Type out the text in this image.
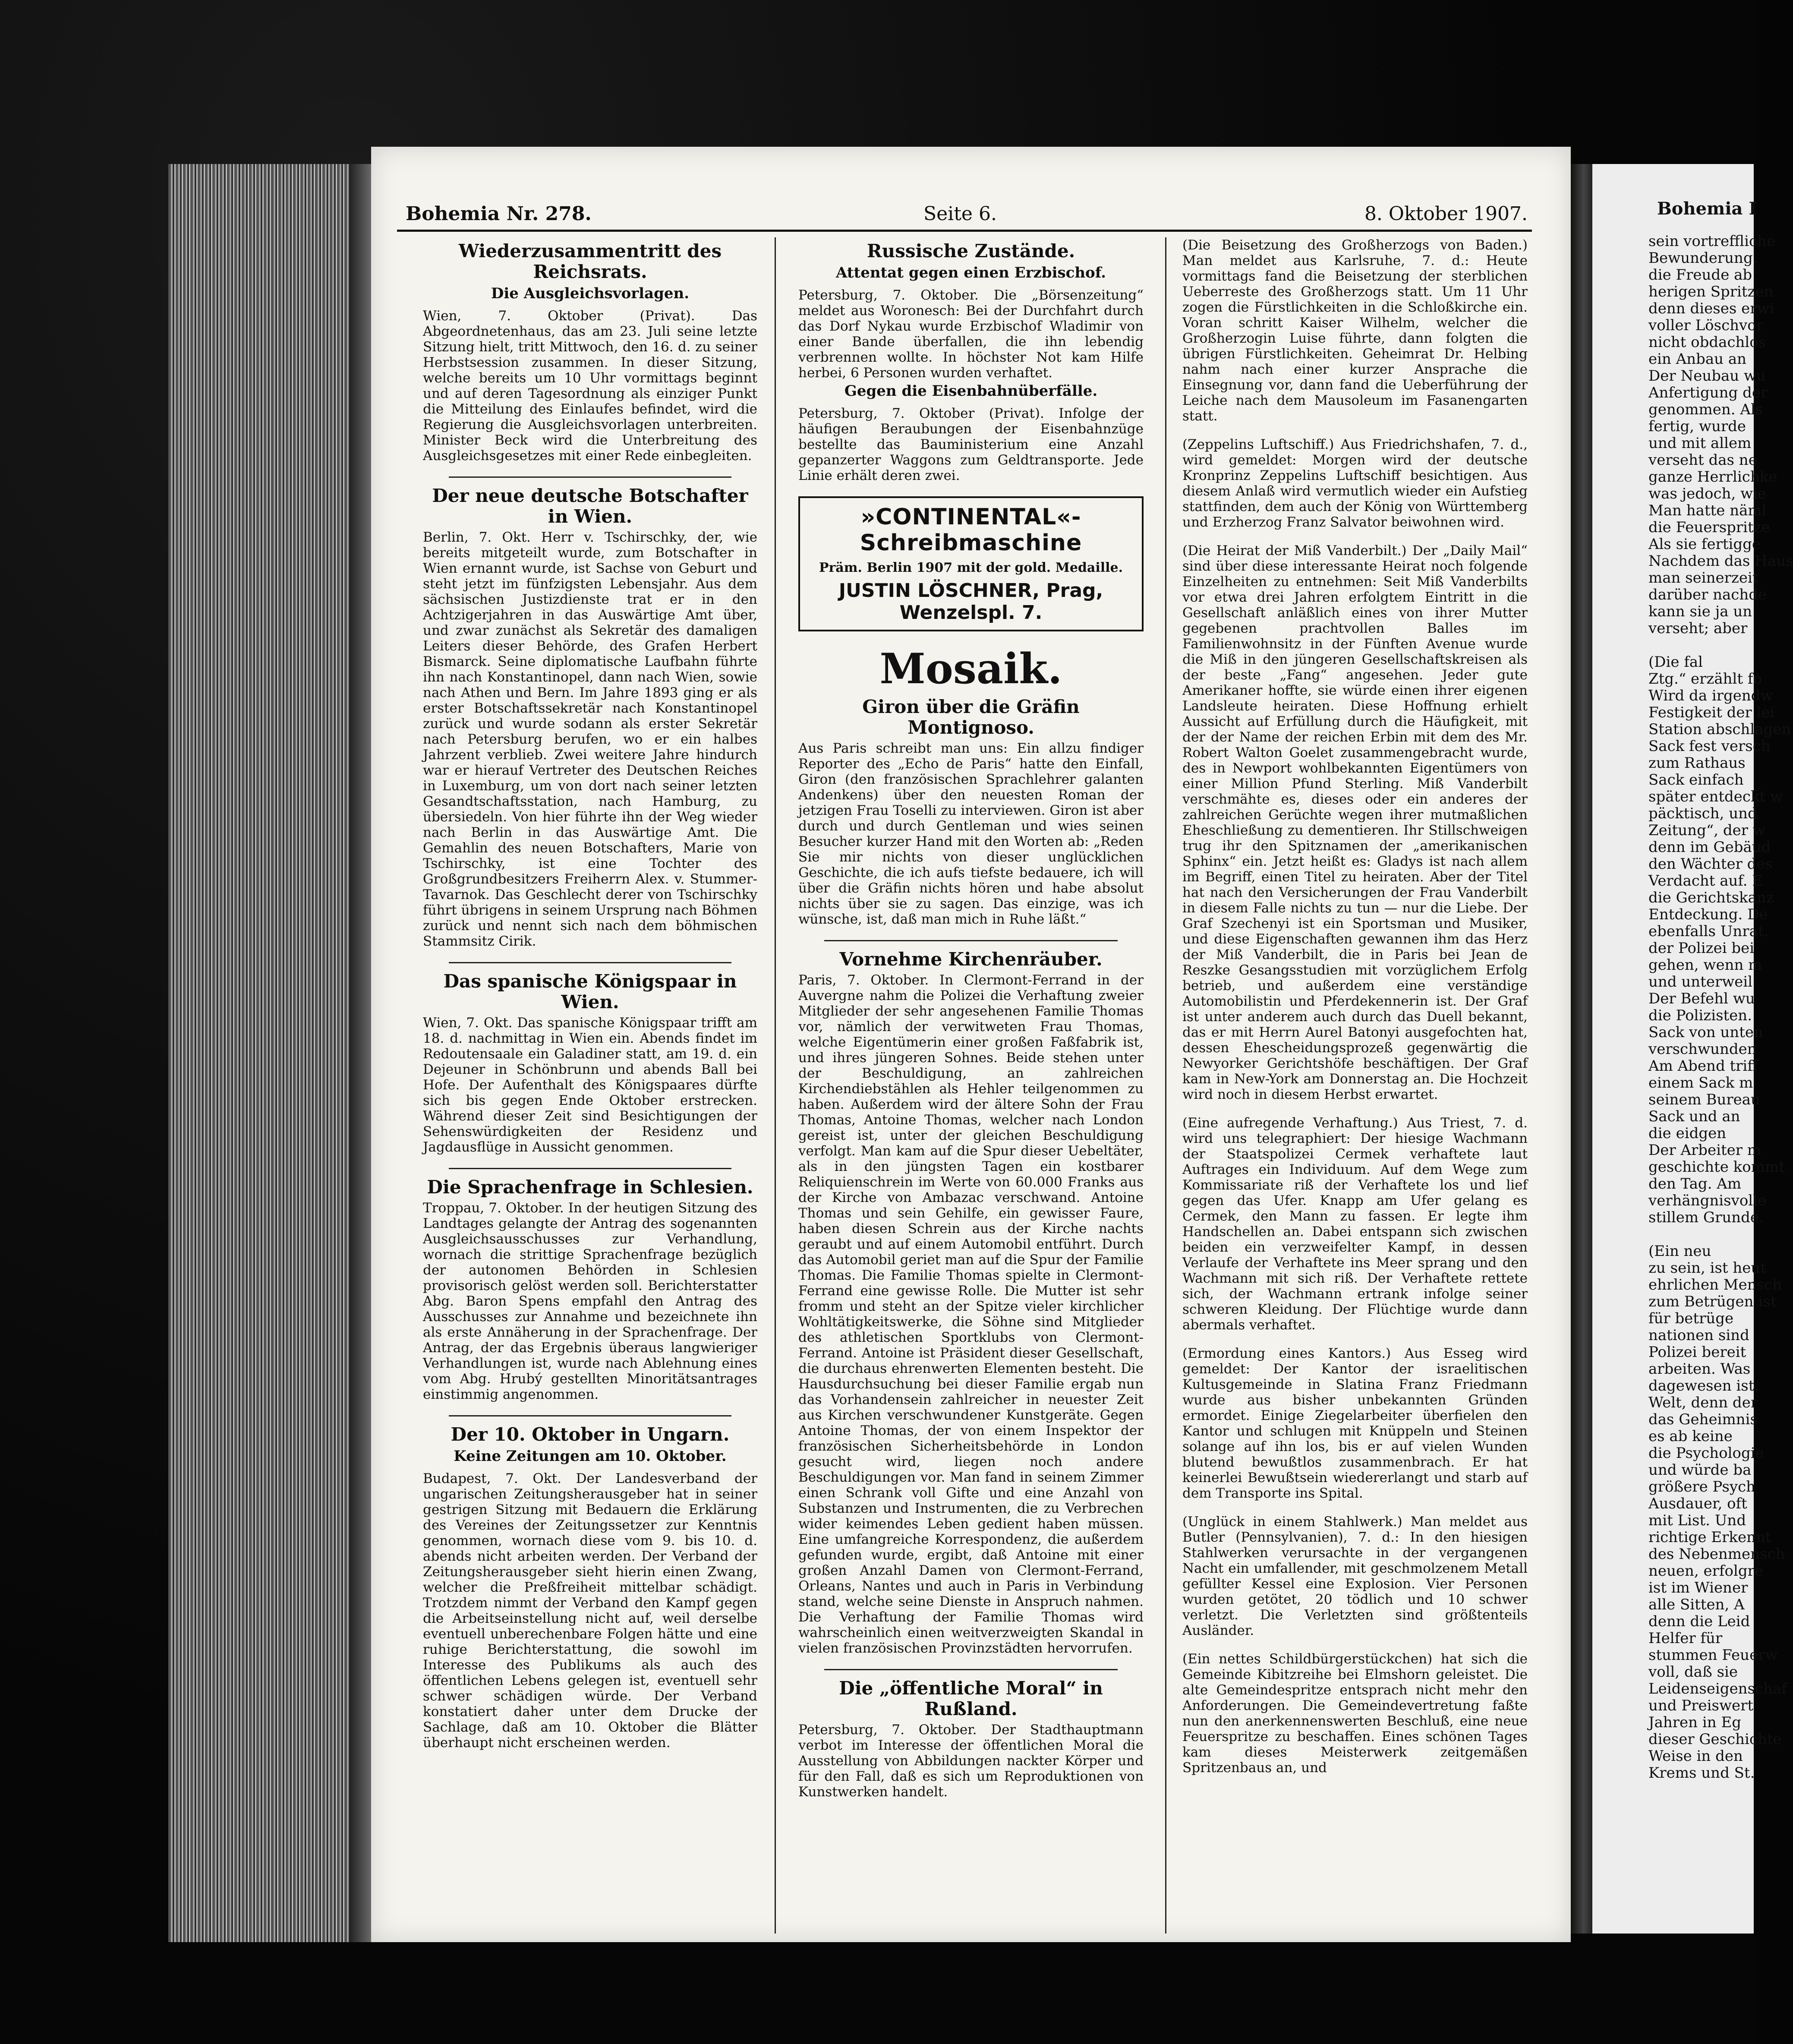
Bohemia I
sein vortreffliche
Bewunderung.
die Freude ab
herigen Spritzen
denn dieses erwi
voller Löschvor
nicht obdachlos
ein Anbau an
Der Neubau wu
Anfertigung der
genommen. Als
fertig, wurde
und mit allem
verseht das ne
ganze Herrlichke
was jedoch, wie
Man hatte näml
die Feuerspritze
Als sie fertigge
Nachdem das Haus
man seinerzeit
darüber nachde
kann sie ja un
verseht; aber
(Die fal
Ztg.“ erzählt fo
Wird da irgendw
Festigkeit der lei
Station abschlagen
Sack fest versch
zum Rathaus
Sack einfach
später entdeckt w
päcktisch, und
Zeitung“, der w
denn im Gebäud
den Wächter des
Verdacht auf. E
die Gerichtskanz
Entdeckung. De
ebenfalls Unrat.
der Polizei bei
gehen, wenn m
und unterweil
Der Befehl wu
die Polizisten.
Sack von unten
verschwunden
Am Abend triff
einem Sack m
seinem Bureau
Sack und an
die eidgen
Der Arbeiter m
geschichte kommt
den Tag. Am
verhängnisvolle
stillem Grunde.
(Ein neu
zu sein, ist heut
ehrlichen Mensch
zum Betrügen ist
für betrüge
nationen sind
Polizei bereit
arbeiten. Was
dagewesen ist.
Welt, denn der
das Geheimnis
es ab keine
die Psychologie
und würde ba
größere Psych
Ausdauer, oft
mit List. Und
richtige Erkennt
des Nebenmensch
neuen, erfolgre
ist im Wiener
alle Sitten, A
denn die Leid
Helfer für
stummen Feuerw
voll, daß sie
Leidenseigenschaf
und Preiswert
Jahren in Eg
dieser Geschichte
Weise in den
Krems und St.
Bohemia Nr. 278.	Seite 6.	8. Oktober 1907.
Wiederzusammentritt des Reichsrats.
Die Ausgleichsvorlagen.

Wien, 7. Oktober (Privat). Das Abgeordnetenhaus, das am 23. Juli seine letzte Sitzung hielt, tritt Mittwoch, den 16. d. zu seiner Herbstsession zusammen. In dieser Sitzung, welche bereits um 10 Uhr vormittags beginnt und auf deren Tagesordnung als einziger Punkt die Mitteilung des Einlaufes befindet, wird die Regierung die Ausgleichsvorlagen unterbreiten. Minister Beck wird die Unterbreitung des Ausgleichsgesetzes mit einer Rede einbegleiten.

Der neue deutsche Botschafter in Wien.

Berlin, 7. Okt. Herr v. Tschirschky, der, wie bereits mitgeteilt wurde, zum Botschafter in Wien ernannt wurde, ist Sachse von Geburt und steht jetzt im fünfzigsten Lebensjahr. Aus dem sächsischen Justizdienste trat er in den Achtzigerjahren in das Auswärtige Amt über, und zwar zunächst als Sekretär des damaligen Leiters dieser Behörde, des Grafen Herbert Bismarck. Seine diplomatische Laufbahn führte ihn nach Konstantinopel, dann nach Wien, sowie nach Athen und Bern. Im Jahre 1893 ging er als erster Botschaftssekretär nach Konstantinopel zurück und wurde sodann als erster Sekretär nach Petersburg berufen, wo er ein halbes Jahrzent verblieb. Zwei weitere Jahre hindurch war er hierauf Vertreter des Deutschen Reiches in Luxemburg, um von dort nach seiner letzten Gesandtschaftsstation, nach Hamburg, zu übersiedeln. Von hier führte ihn der Weg wieder nach Berlin in das Auswärtige Amt. Die Gemahlin des neuen Botschafters, Marie von Tschirschky, ist eine Tochter des Großgrundbesitzers Freiherrn Alex. v. Stummer-Tavarnok. Das Geschlecht derer von Tschirschky führt übrigens in seinem Ursprung nach Böhmen zurück und nennt sich nach dem böhmischen Stammsitz Cirik.

Das spanische Königspaar in Wien.

Wien, 7. Okt. Das spanische Königspaar trifft am 18. d. nachmittag in Wien ein. Abends findet im Redoutensaale ein Galadiner statt, am 19. d. ein Dejeuner in Schönbrunn und abends Ball bei Hofe. Der Aufenthalt des Königspaares dürfte sich bis gegen Ende Oktober erstrecken. Während dieser Zeit sind Besichtigungen der Sehenswürdigkeiten der Residenz und Jagdausflüge in Aussicht genommen.

Die Sprachenfrage in Schlesien.

Troppau, 7. Oktober. In der heutigen Sitzung des Landtages gelangte der Antrag des sogenannten Ausgleichsausschusses zur Verhandlung, wornach die strittige Sprachenfrage bezüglich der autonomen Behörden in Schlesien provisorisch gelöst werden soll. Berichterstatter Abg. Baron Spens empfahl den Antrag des Ausschusses zur Annahme und bezeichnete ihn als erste Annäherung in der Sprachenfrage. Der Antrag, der das Ergebnis überaus langwieriger Verhandlungen ist, wurde nach Ablehnung eines vom Abg. Hrubý gestellten Minoritätsantrages einstimmig angenommen.

Der 10. Oktober in Ungarn.
Keine Zeitungen am 10. Oktober.

Budapest, 7. Okt. Der Landesverband der ungarischen Zeitungsherausgeber hat in seiner gestrigen Sitzung mit Bedauern die Erklärung des Vereines der Zeitungssetzer zur Kenntnis genommen, wornach diese vom 9. bis 10. d. abends nicht arbeiten werden. Der Verband der Zeitungsherausgeber sieht hierin einen Zwang, welcher die Preßfreiheit mittelbar schädigt. Trotzdem nimmt der Verband den Kampf gegen die Arbeitseinstellung nicht auf, weil derselbe eventuell unberechenbare Folgen hätte und eine ruhige Berichterstattung, die sowohl im Interesse des Publikums als auch des öffentlichen Lebens gelegen ist, eventuell sehr schwer schädigen würde. Der Verband konstatiert daher unter dem Drucke der Sachlage, daß am 10. Oktober die Blätter überhaupt nicht erscheinen werden.

Russische Zustände.
Attentat gegen einen Erzbischof.

Petersburg, 7. Oktober. Die „Börsenzeitung“ meldet aus Woronesch: Bei der Durchfahrt durch das Dorf Nykau wurde Erzbischof Wladimir von einer Bande überfallen, die ihn lebendig verbrennen wollte. In höchster Not kam Hilfe herbei, 6 Personen wurden verhaftet.

Gegen die Eisenbahnüberfälle.

Petersburg, 7. Oktober (Privat). Infolge der häufigen Beraubungen der Eisenbahnzüge bestellte das Bauministerium eine Anzahl gepanzerter Waggons zum Geldtransporte. Jede Linie erhält deren zwei.

»CONTINENTAL«-Schreibmaschine
Präm. Berlin 1907 mit der gold. Medaille.
JUSTIN LÖSCHNER, Prag, Wenzelspl. 7.
Mosaik.
Giron über die Gräfin Montignoso.

Aus Paris schreibt man uns: Ein allzu findiger Reporter des „Echo de Paris“ hatte den Einfall, Giron (den französischen Sprachlehrer galanten Andenkens) über den neuesten Roman der jetzigen Frau Toselli zu interviewen. Giron ist aber durch und durch Gentleman und wies seinen Besucher kurzer Hand mit den Worten ab: „Reden Sie mir nichts von dieser unglücklichen Geschichte, die ich aufs tiefste bedauere, ich will über die Gräfin nichts hören und habe absolut nichts über sie zu sagen. Das einzige, was ich wünsche, ist, daß man mich in Ruhe läßt.“

Vornehme Kirchenräuber.

Paris, 7. Oktober. In Clermont-Ferrand in der Auvergne nahm die Polizei die Verhaftung zweier Mitglieder der sehr angesehenen Familie Thomas vor, nämlich der verwitweten Frau Thomas, welche Eigentümerin einer großen Faßfabrik ist, und ihres jüngeren Sohnes. Beide stehen unter der Beschuldigung, an zahlreichen Kirchendiebstählen als Hehler teilgenommen zu haben. Außerdem wird der ältere Sohn der Frau Thomas, Antoine Thomas, welcher nach London gereist ist, unter der gleichen Beschuldigung verfolgt. Man kam auf die Spur dieser Uebeltäter, als in den jüngsten Tagen ein kostbarer Reliquienschrein im Werte von 60.000 Franks aus der Kirche von Ambazac verschwand. Antoine Thomas und sein Gehilfe, ein gewisser Faure, haben diesen Schrein aus der Kirche nachts geraubt und auf einem Automobil entführt. Durch das Automobil geriet man auf die Spur der Familie Thomas. Die Familie Thomas spielte in Clermont-Ferrand eine gewisse Rolle. Die Mutter ist sehr fromm und steht an der Spitze vieler kirchlicher Wohltätigkeitswerke, die Söhne sind Mitglieder des athletischen Sportklubs von Clermont-Ferrand. Antoine ist Präsident dieser Gesellschaft, die durchaus ehrenwerten Elementen besteht. Die Hausdurchsuchung bei dieser Familie ergab nun das Vorhandensein zahlreicher in neuester Zeit aus Kirchen verschwundener Kunstgeräte. Gegen Antoine Thomas, der von einem Inspektor der französischen Sicherheitsbehörde in London gesucht wird, liegen noch andere Beschuldigungen vor. Man fand in seinem Zimmer einen Schrank voll Gifte und eine Anzahl von Substanzen und Instrumenten, die zu Verbrechen wider keimendes Leben gedient haben müssen. Eine umfangreiche Korrespondenz, die außerdem gefunden wurde, ergibt, daß Antoine mit einer großen Anzahl Damen von Clermont-Ferrand, Orleans, Nantes und auch in Paris in Verbindung stand, welche seine Dienste in Anspruch nahmen. Die Verhaftung der Familie Thomas wird wahrscheinlich einen weitverzweigten Skandal in vielen französischen Provinzstädten hervorrufen.

Die „öffentliche Moral“ in Rußland.

Petersburg, 7. Oktober. Der Stadthauptmann verbot im Interesse der öffentlichen Moral die Ausstellung von Abbildungen nackter Körper und für den Fall, daß es sich um Reproduktionen von Kunstwerken handelt.

(Die Beisetzung des Großherzogs von Baden.) Man meldet aus Karlsruhe, 7. d.: Heute vormittags fand die Beisetzung der sterblichen Ueberreste des Großherzogs statt. Um 11 Uhr zogen die Fürstlichkeiten in die Schloßkirche ein. Voran schritt Kaiser Wilhelm, welcher die Großherzogin Luise führte, dann folgten die übrigen Fürstlichkeiten. Geheimrat Dr. Helbing nahm nach einer kurzer Ansprache die Einsegnung vor, dann fand die Ueberführung der Leiche nach dem Mausoleum im Fasanengarten statt.

(Zeppelins Luftschiff.) Aus Friedrichshafen, 7. d., wird gemeldet: Morgen wird der deutsche Kronprinz Zeppelins Luftschiff besichtigen. Aus diesem Anlaß wird vermutlich wieder ein Aufstieg stattfinden, dem auch der König von Württemberg und Erzherzog Franz Salvator beiwohnen wird.

(Die Heirat der Miß Vanderbilt.) Der „Daily Mail“ sind über diese interessante Heirat noch folgende Einzelheiten zu entnehmen: Seit Miß Vanderbilts vor etwa drei Jahren erfolgtem Eintritt in die Gesellschaft anläßlich eines von ihrer Mutter gegebenen prachtvollen Balles im Familienwohnsitz in der Fünften Avenue wurde die Miß in den jüngeren Gesellschaftskreisen als der beste „Fang“ angesehen. Jeder gute Amerikaner hoffte, sie würde einen ihrer eigenen Landsleute heiraten. Diese Hoffnung erhielt Aussicht auf Erfüllung durch die Häufigkeit, mit der der Name der reichen Erbin mit dem des Mr. Robert Walton Goelet zusammengebracht wurde, des in Newport wohlbekannten Eigentümers von einer Million Pfund Sterling. Miß Vanderbilt verschmähte es, dieses oder ein anderes der zahlreichen Gerüchte wegen ihrer mutmaßlichen Eheschließung zu dementieren. Ihr Stillschweigen trug ihr den Spitznamen der „amerikanischen Sphinx“ ein. Jetzt heißt es: Gladys ist nach allem im Begriff, einen Titel zu heiraten. Aber der Titel hat nach den Versicherungen der Frau Vanderbilt in diesem Falle nichts zu tun — nur die Liebe. Der Graf Szechenyi ist ein Sportsman und Musiker, und diese Eigenschaften gewannen ihm das Herz der Miß Vanderbilt, die in Paris bei Jean de Reszke Gesangsstudien mit vorzüglichem Erfolg betrieb, und außerdem eine verständige Automobilistin und Pferdekennerin ist. Der Graf ist unter anderem auch durch das Duell bekannt, das er mit Herrn Aurel Batonyi ausgefochten hat, dessen Ehescheidungsprozeß gegenwärtig die Newyorker Gerichtshöfe beschäftigen. Der Graf kam in New-York am Donnerstag an. Die Hochzeit wird noch in diesem Herbst erwartet.

(Eine aufregende Verhaftung.) Aus Triest, 7. d. wird uns telegraphiert: Der hiesige Wachmann der Staatspolizei Cermek verhaftete laut Auftrages ein Individuum. Auf dem Wege zum Kommissariate riß der Verhaftete los und lief gegen das Ufer. Knapp am Ufer gelang es Cermek, den Mann zu fassen. Er legte ihm Handschellen an. Dabei entspann sich zwischen beiden ein verzweifelter Kampf, in dessen Verlaufe der Verhaftete ins Meer sprang und den Wachmann mit sich riß. Der Verhaftete rettete sich, der Wachmann ertrank infolge seiner schweren Kleidung. Der Flüchtige wurde dann abermals verhaftet.

(Ermordung eines Kantors.) Aus Esseg wird gemeldet: Der Kantor der israelitischen Kultusgemeinde in Slatina Franz Friedmann wurde aus bisher unbekannten Gründen ermordet. Einige Ziegelarbeiter überfielen den Kantor und schlugen mit Knüppeln und Steinen solange auf ihn los, bis er auf vielen Wunden blutend bewußtlos zusammenbrach. Er hat keinerlei Bewußtsein wiedererlangt und starb auf dem Transporte ins Spital.

(Unglück in einem Stahlwerk.) Man meldet aus Butler (Pennsylvanien), 7. d.: In den hiesigen Stahlwerken verursachte in der vergangenen Nacht ein umfallender, mit geschmolzenem Metall gefüllter Kessel eine Explosion. Vier Personen wurden getötet, 20 tödlich und 10 schwer verletzt. Die Verletzten sind größtenteils Ausländer.

(Ein nettes Schildbürgerstückchen) hat sich die Gemeinde Kibitzreihe bei Elmshorn geleistet. Die alte Gemeindespritze entsprach nicht mehr den Anforderungen. Die Gemeindevertretung faßte nun den anerkennenswerten Beschluß, eine neue Feuerspritze zu beschaffen. Eines schönen Tages kam dieses Meisterwerk zeitgemäßen Spritzenbaus an, und
